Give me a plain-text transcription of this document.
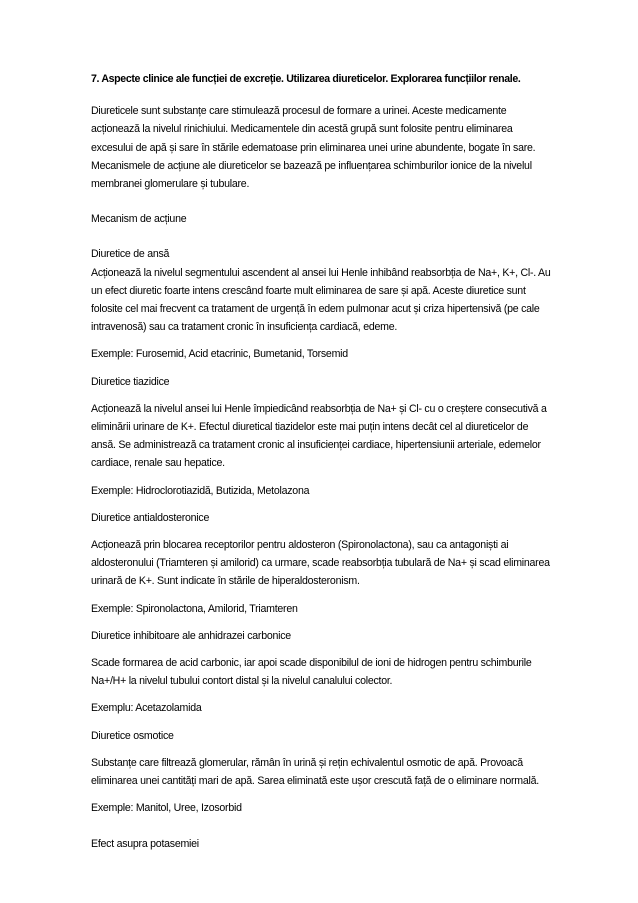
7. Aspecte clinice ale funcției de excreție. Utilizarea diureticelor. Explorarea funcțiilor renale.

Diureticele sunt substanțe care stimulează procesul de formare a urinei. Aceste medicamente
acționează la nivelul rinichiului. Medicamentele din acestă grupă sunt folosite pentru eliminarea
excesului de apă și sare în stările edematoase prin eliminarea unei urine abundente, bogate în sare.
Mecanismele de acțiune ale diureticelor se bazează pe influențarea schimburilor ionice de la nivelul
membranei glomerulare și tubulare.
Mecanism de acțiune
Diuretice de ansă
Acționează la nivelul segmentului ascendent al ansei lui Henle inhibând reabsorbția de Na+, K+, Cl-. Au
un efect diuretic foarte intens crescând foarte mult eliminarea de sare și apă. Aceste diuretice sunt
folosite cel mai frecvent ca tratament de urgență în edem pulmonar acut și criza hipertensivă (pe cale
intravenosă) sau ca tratament cronic în insuficiența cardiacă, edeme.
Exemple: Furosemid, Acid etacrinic, Bumetanid, Torsemid
Diuretice tiazidice
Acționează la nivelul ansei lui Henle împiedicând reabsorbția de Na+ și Cl- cu o creștere consecutivă a
eliminării urinare de K+. Efectul diuretical tiazidelor este mai puțin intens decât cel al diureticelor de
ansă. Se administrează ca tratament cronic al insuficienței cardiace, hipertensiunii arteriale, edemelor
cardiace, renale sau hepatice.
Exemple: Hidroclorotiazidă, Butizida, Metolazona
Diuretice antialdosteronice
Acționează prin blocarea receptorilor pentru aldosteron (Spironolactona), sau ca antagoniști ai
aldosteronului (Triamteren și amilorid) ca urmare, scade reabsorbția tubulară de Na+ și scad eliminarea
urinară de K+. Sunt indicate în stările de hiperaldosteronism.
Exemple: Spironolactona, Amilorid, Triamteren
Diuretice inhibitoare ale anhidrazei carbonice
Scade formarea de acid carbonic, iar apoi scade disponibilul de ioni de hidrogen pentru schimburile
Na+/H+ la nivelul tubului contort distal și la nivelul canalului colector.
Exemplu: Acetazolamida
Diuretice osmotice
Substanțe care filtrează glomerular, rămân în urină și rețin echivalentul osmotic de apă. Provoacă
eliminarea unei cantități mari de apă. Sarea eliminată este ușor crescută față de o eliminare normală.
Exemple: Manitol, Uree, Izosorbid
Efect asupra potasemiei
